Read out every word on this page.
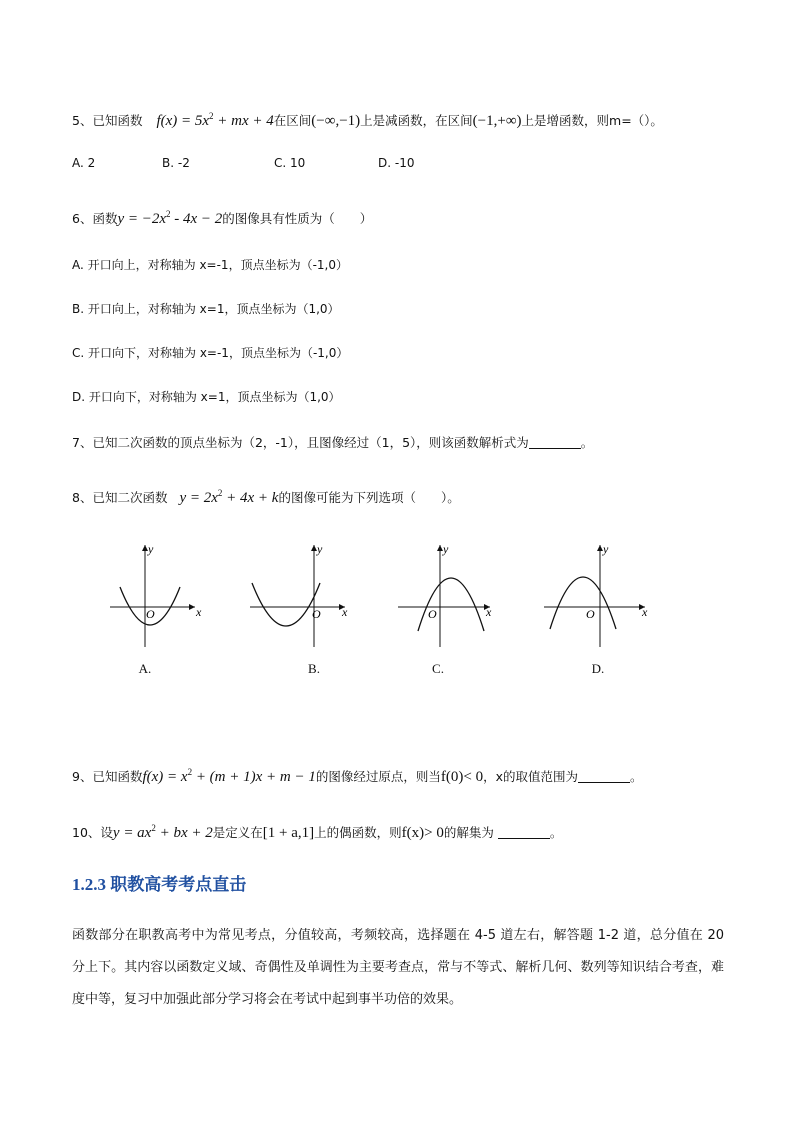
5、已知函数 $f(x) = 5x^2$ + mx + 4在区间(−∞,−1)上是减函数，在区间(−1,+∞)上是增函数，则m=（）。
A. 2	B. -2	C. 10	D. -10
6、函数$y = -2x^2 - 4x - 2$的图像具有性质为（　　）
A. 开口向上，对称轴为 x=-1，顶点坐标为（-1,0）
B. 开口向上，对称轴为 x=1，顶点坐标为（1,0）
C. 开口向下，对称轴为 x=-1，顶点坐标为（-1,0）
D. 开口向下，对称轴为 x=1，顶点坐标为（1,0）
7、已知二次函数的顶点坐标为（2，-1），且图像经过（1，5），则该函数解析式为	。
8、已知二次函数 $y = 2x^2 + 4x + k$的图像可能为下列选项（　　）。
y
x
O
y
x
O
y
x
O
y
x
O
A.	B.	C.	D.
9、已知函数$f(x) = x^2 + (m + 1)x + m - 1$的图像经过原点，则当f(0)< 0，x的取值范围为	。
10、设$y = ax^2$ + bx + 2是定义在[1 + a,1]上的偶函数，则f(x)> 0的解集为	。
1.2.3 职教高考考点直击
函数部分在职教高考中为常见考点，分值较高，考频较高，选择题在 4-5 道左右，解答题 1-2 道，总分值在 20 分上下。其内容以函数定义域、奇偶性及单调性为主要考查点，常与不等式、解析几何、数列等知识结合考查，难度中等，复习中加强此部分学习将会在考试中起到事半功倍的效果。
